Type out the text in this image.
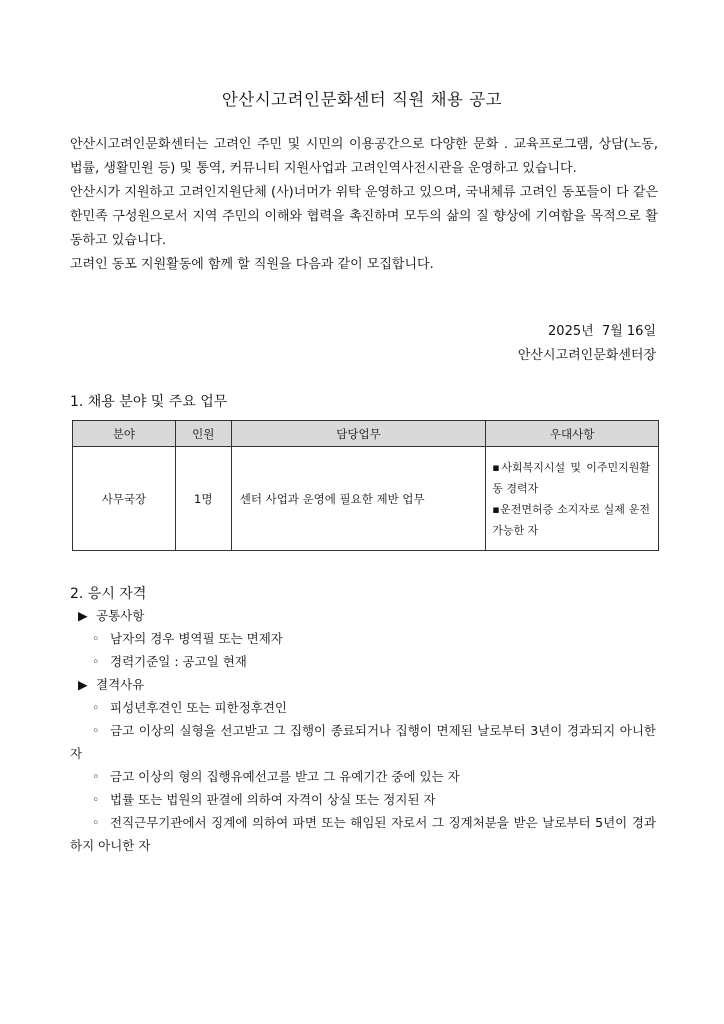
안산시고려인문화센터 직원 채용 공고

안산시고려인문화센터는 고려인 주민 및 시민의 이용공간으로 다양한 문화 . 교육프로그램, 상담(노동, 법률, 생활민원 등) 및 통역, 커뮤니티 지원사업과 고려인역사전시관을 운영하고 있습니다.

안산시가 지원하고 고려인지원단체 (사)너머가 위탁 운영하고 있으며, 국내체류 고려인 동포들이 다 같은 한민족 구성원으로서 지역 주민의 이해와 협력을 촉진하며 모두의 삶의 질 향상에 기여함을 목적으로 활동하고 있습니다.

고려인 동포 지원활동에 함께 할 직원을 다음과 같이 모집합니다.

2025년  7월 16일
안산시고려인문화센터장
1. 채용 분야 및 주요 업무
분야	인원	담당업무	우대사항
사무국장	1명	센터 사업과 운영에 필요한 제반 업무	▪사회복지시설 및 이주민지원활동 경력자
▪운전면허증 소지자로 실제 운전가능한 자
2. 응시 자격
▶ 공통사항
◦ 남자의 경우 병역필 또는 면제자
◦ 경력기준일 : 공고일 현재
▶ 결격사유
◦ 피성년후견인 또는 피한정후견인
◦ 금고 이상의 실형을 선고받고 그 집행이 종료되거나 집행이 면제된 날로부터 3년이 경과되지 아니한 자
◦ 금고 이상의 형의 집행유예선고를 받고 그 유예기간 중에 있는 자
◦ 법률 또는 법원의 판결에 의하여 자격이 상실 또는 정지된 자
◦ 전직근무기관에서 징계에 의하여 파면 또는 해임된 자로서 그 징계처분을 받은 날로부터 5년이 경과하지 아니한 자
